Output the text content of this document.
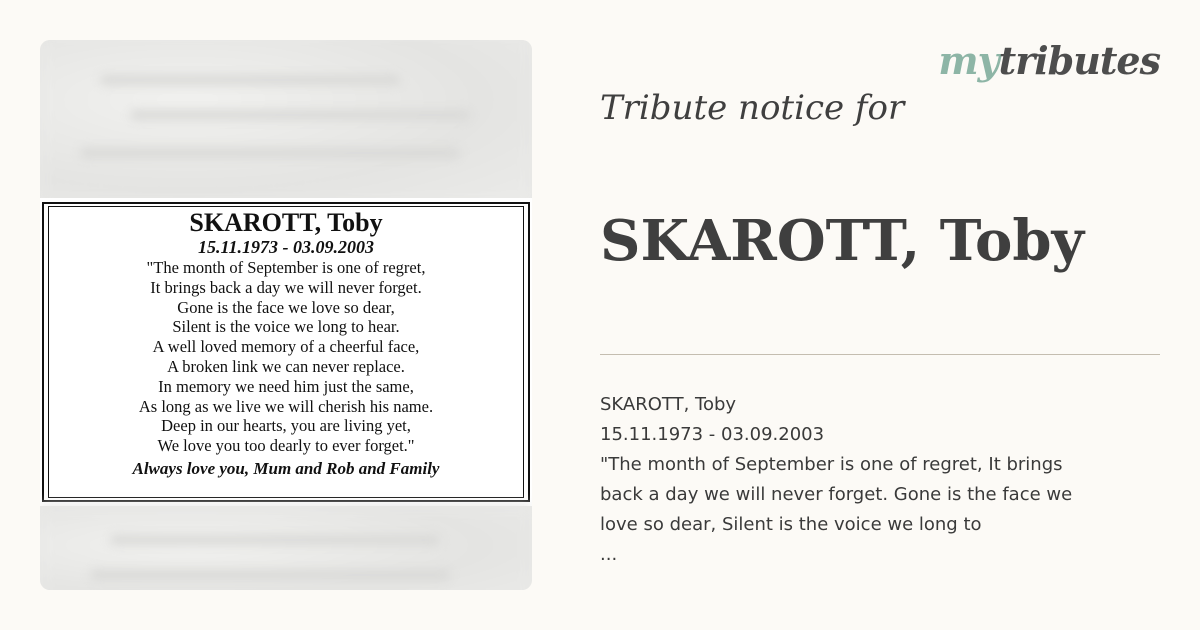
SKAROTT, Toby
15.11.1973 - 03.09.2003
"The month of September is one of regret,
It brings back a day we will never forget.
Gone is the face we love so dear,
Silent is the voice we long to hear.
A well loved memory of a cheerful face,
A broken link we can never replace.
In memory we need him just the same,
As long as we live we will cherish his name.
Deep in our hearts, you are living yet,
We love you too dearly to ever forget."
Always love you, Mum and Rob and Family
mytributes
Tribute notice for
SKAROTT, Toby
SKAROTT, Toby
15.11.1973 - 03.09.2003
"The month of September is one of regret, It brings back a day we will never forget. Gone is the face we love so dear, Silent is the voice we long to
...
